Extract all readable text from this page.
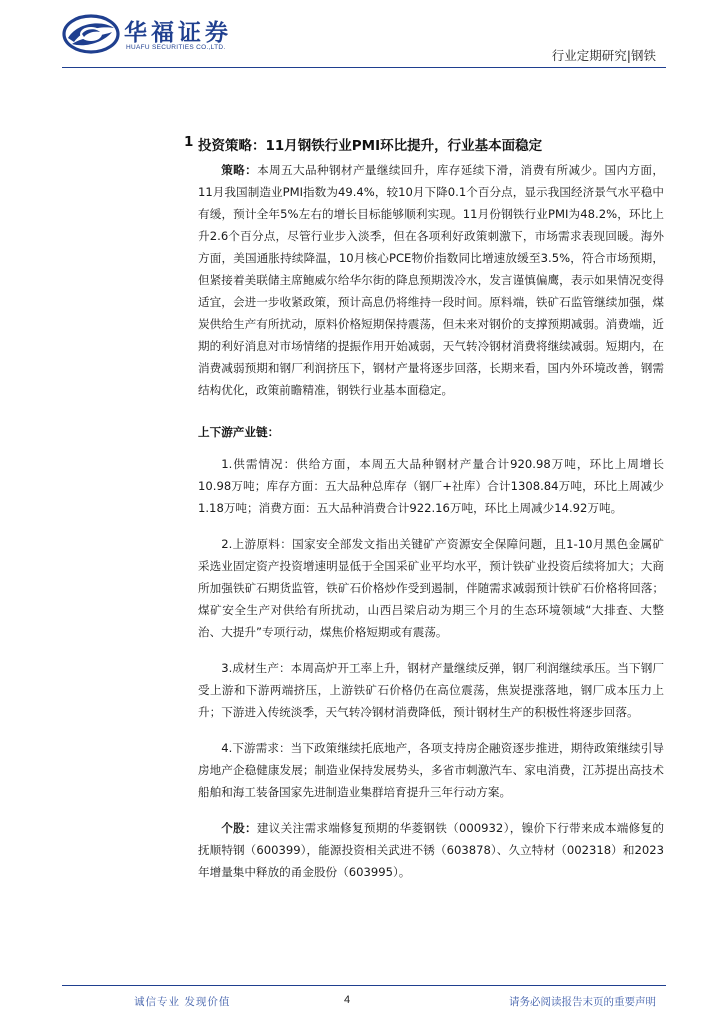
华福证券
HUAFU SECURITIES CO.,LTD.
行业定期研究|钢铁
1 投资策略：11月钢铁行业PMI环比提升，行业基本面稳定

策略：本周五大品种钢材产量继续回升，库存延续下滑，消费有所减少。国内方面，11月我国制造业PMI指数为49.4%，较10月下降0.1个百分点，显示我国经济景气水平稳中有缓，预计全年5%左右的增长目标能够顺利实现。11月份钢铁行业PMI为48.2%，环比上升2.6个百分点，尽管行业步入淡季，但在各项利好政策刺激下，市场需求表现回暖。海外方面，美国通胀持续降温，10月核心PCE物价指数同比增速放缓至3.5%，符合市场预期，但紧接着美联储主席鲍威尔给华尔街的降息预期泼冷水，发言谨慎偏鹰，表示如果情况变得适宜，会进一步收紧政策，预计高息仍将维持一段时间。原料端，铁矿石监管继续加强，煤炭供给生产有所扰动，原料价格短期保持震荡，但未来对钢价的支撑预期减弱。消费端，近期的利好消息对市场情绪的提振作用开始减弱，天气转冷钢材消费将继续减弱。短期内，在消费减弱预期和钢厂利润挤压下，钢材产量将逐步回落，长期来看，国内外环境改善，钢需结构优化，政策前瞻精准，钢铁行业基本面稳定。

上下游产业链：

1.供需情况：供给方面，本周五大品种钢材产量合计920.98万吨，环比上周增长10.98万吨；库存方面：五大品种总库存（钢厂+社库）合计1308.84万吨，环比上周减少1.18万吨；消费方面：五大品种消费合计922.16万吨，环比上周减少14.92万吨。

2.上游原料：国家安全部发文指出关键矿产资源安全保障问题，且1-10月黑色金属矿采选业固定资产投资增速明显低于全国采矿业平均水平，预计铁矿业投资后续将加大；大商所加强铁矿石期货监管，铁矿石价格炒作受到遏制，伴随需求减弱预计铁矿石价格将回落；煤矿安全生产对供给有所扰动，山西吕梁启动为期三个月的生态环境领域“大排查、大整治、大提升”专项行动，煤焦价格短期或有震荡。

3.成材生产：本周高炉开工率上升，钢材产量继续反弹，钢厂利润继续承压。当下钢厂受上游和下游两端挤压，上游铁矿石价格仍在高位震荡，焦炭提涨落地，钢厂成本压力上升；下游进入传统淡季，天气转冷钢材消费降低，预计钢材生产的积极性将逐步回落。

4.下游需求：当下政策继续托底地产，各项支持房企融资逐步推进，期待政策继续引导房地产企稳健康发展；制造业保持发展势头，多省市刺激汽车、家电消费，江苏提出高技术船舶和海工装备国家先进制造业集群培育提升三年行动方案。

个股：建议关注需求端修复预期的华菱钢铁（000932），镍价下行带来成本端修复的抚顺特钢（600399），能源投资相关武进不锈（603878）、久立特材（002318）和2023年增量集中释放的甬金股份（603995）。

诚信专业 发现价值	4	请务必阅读报告末页的重要声明
